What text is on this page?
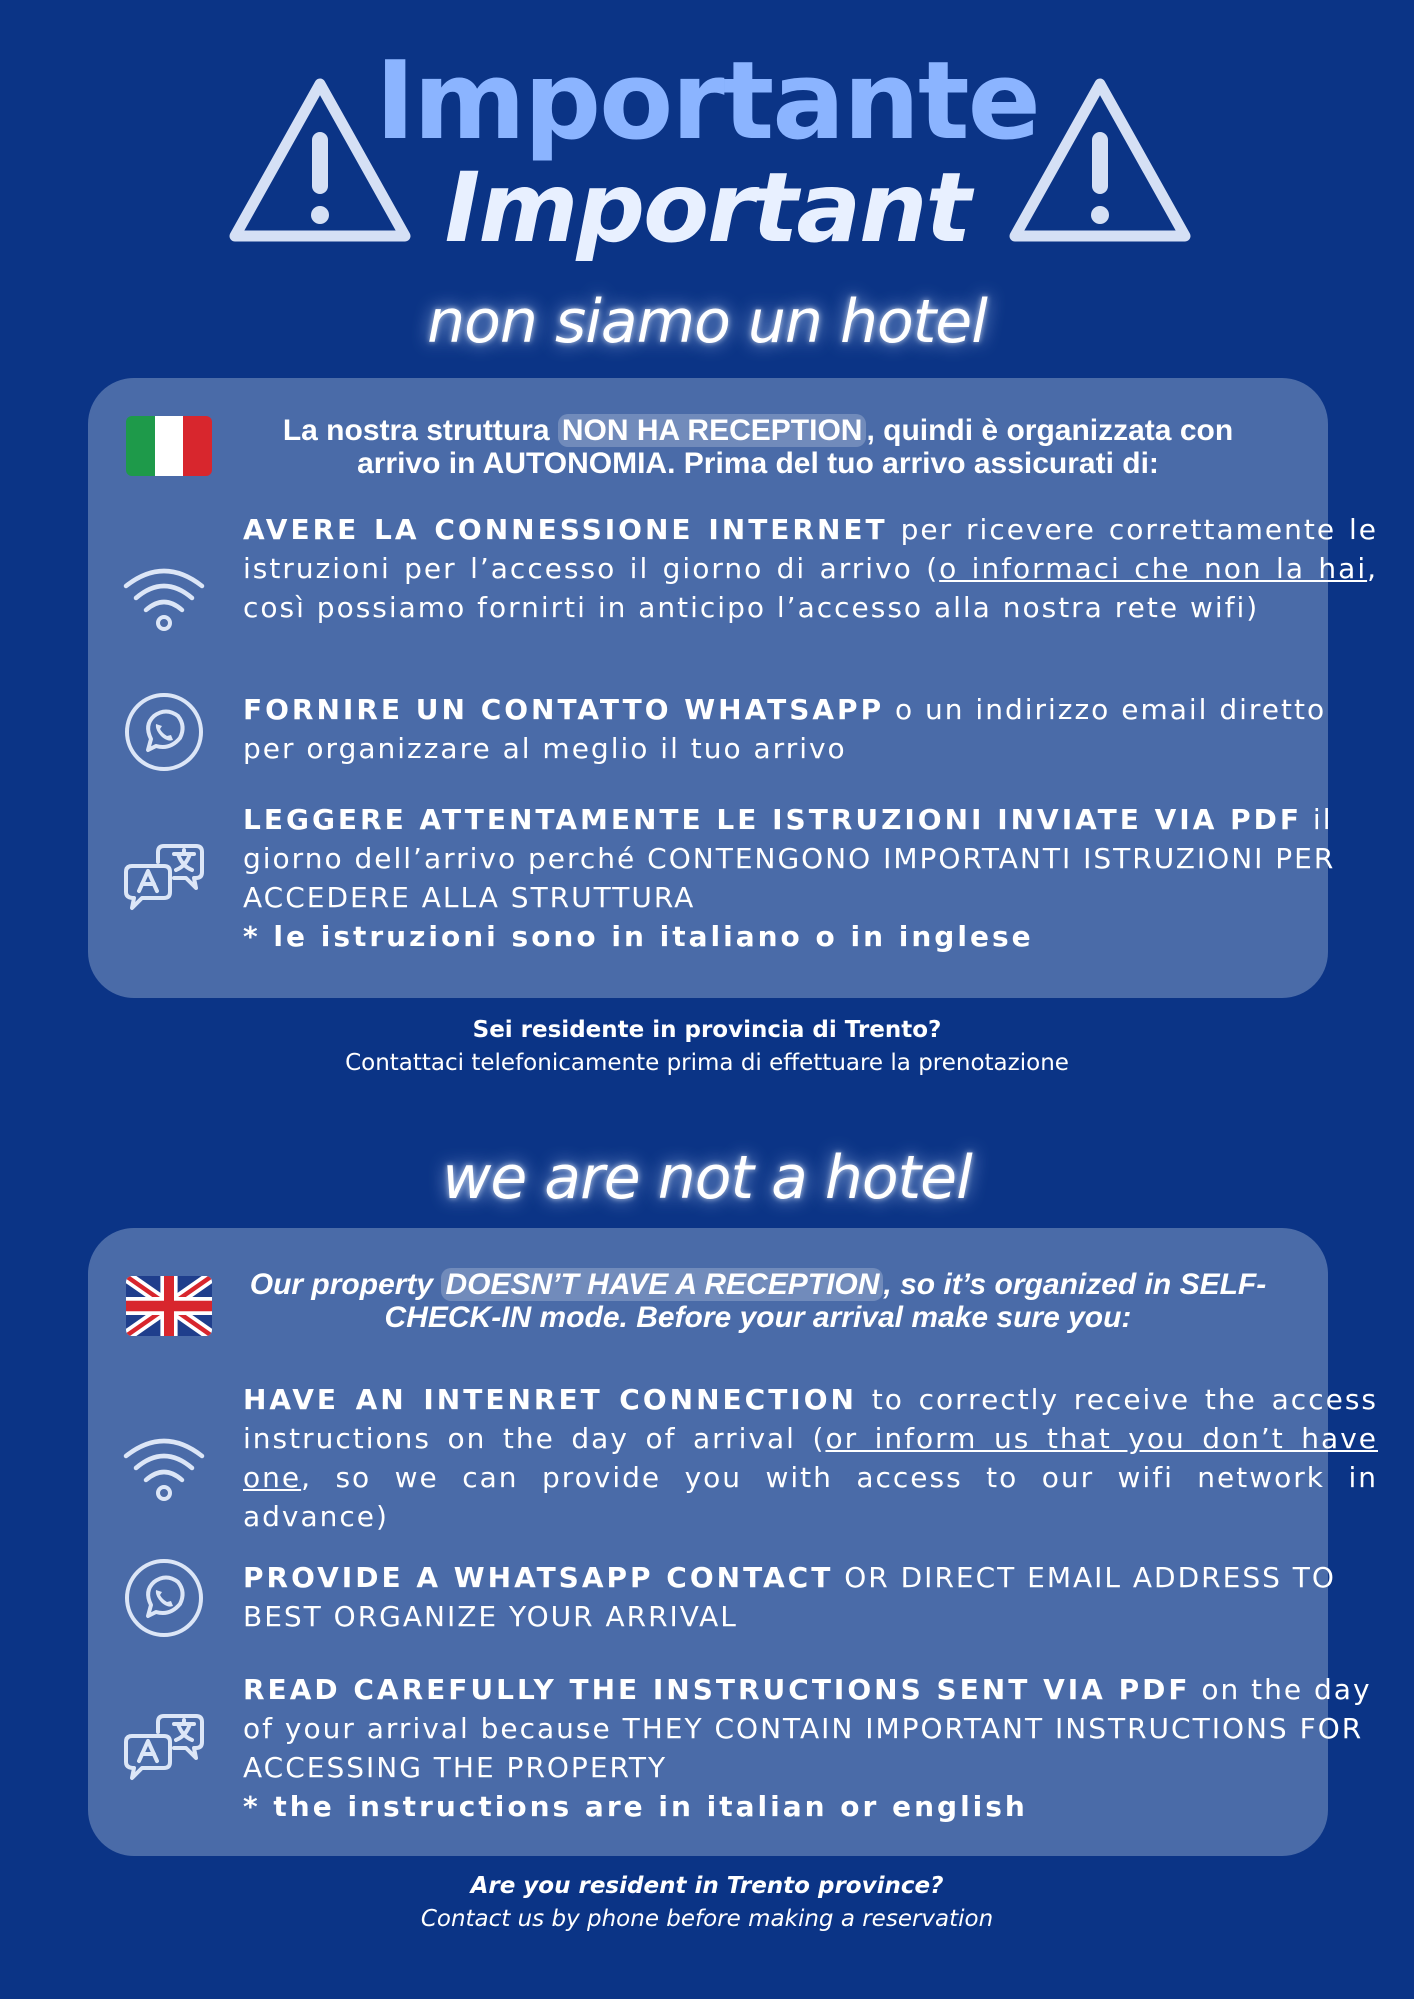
Importante
Important
non siamo un hotel
La nostra struttura NON HA RECEPTION , quindi è organizzata con arrivo in AUTONOMIA. Prima del tuo arrivo assicurati di:

AVERE LA CONNESSIONE INTERNET per ricevere correttamente le istruzioni per l’accesso il giorno di arrivo (o informaci che non la hai, così possiamo fornirti in anticipo l’accesso alla nostra rete wifi)

FORNIRE UN CONTATTO WHATSAPP o un indirizzo email diretto per organizzare al meglio il tuo arrivo

LEGGERE ATTENTAMENTE LE ISTRUZIONI INVIATE VIA PDF il giorno dell’arrivo perché CONTENGONO IMPORTANTI ISTRUZIONI PER ACCEDERE ALLA STRUTTURA

* le istruzioni sono in italiano o in inglese

Sei residente in provincia di Trento?
Contattaci telefonicamente prima di effettuare la prenotazione
we are not a hotel
Our property DOESN’T HAVE A RECEPTION , so it’s organized in SELF-CHECK-IN mode. Before your arrival make sure you:

HAVE AN INTENRET CONNECTION to correctly receive the access instructions on the day of arrival (or inform us that you don’t have one, so we can provide you with access to our wifi network in advance)

PROVIDE A WHATSAPP CONTACT OR DIRECT EMAIL ADDRESS TO BEST ORGANIZE YOUR ARRIVAL

READ CAREFULLY THE INSTRUCTIONS SENT VIA PDF on the day of your arrival because THEY CONTAIN IMPORTANT INSTRUCTIONS FOR ACCESSING THE PROPERTY

* the instructions are in italian or english

Are you resident in Trento province?
Contact us by phone before making a reservation
